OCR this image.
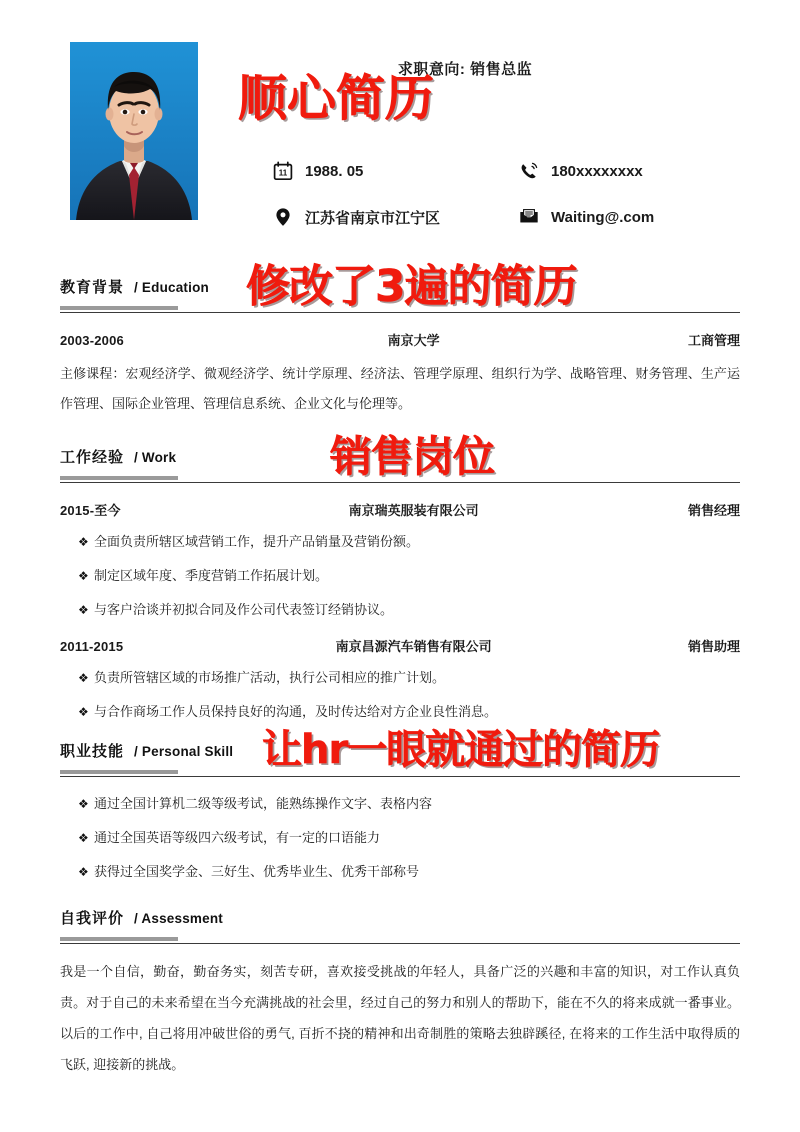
求职意向: 销售总监
11 1988. 05	180xxxxxxxx
江苏省南京市江宁区	Waiting@.com
教育背景 / Education
2003-2006	南京大学	工商管理
主修课程：宏观经济学、微观经济学、统计学原理、经济法、管理学原理、组织行为学、战略管理、财务管理、生产运作管理、国际企业管理、管理信息系统、企业文化与伦理等。
工作经验 / Work
2015-至今	南京瑞英服装有限公司	销售经理
❖ 全面负责所辖区域营销工作，提升产品销量及营销份额。
❖ 制定区域年度、季度营销工作拓展计划。
❖ 与客户洽谈并初拟合同及作公司代表签订经销协议。
2011-2015	南京昌源汽车销售有限公司	销售助理
❖ 负责所管辖区域的市场推广活动，执行公司相应的推广计划。
❖ 与合作商场工作人员保持良好的沟通，及时传达给对方企业良性消息。
职业技能 / Personal Skill
❖ 通过全国计算机二级等级考试，能熟练操作文字、表格内容
❖ 通过全国英语等级四六级考试，有一定的口语能力
❖ 获得过全国奖学金、三好生、优秀毕业生、优秀干部称号
自我评价 / Assessment
我是一个自信，勤奋，勤奋务实，刻苦专研，喜欢接受挑战的年轻人，具备广泛的兴趣和丰富的知识，对工作认真负责。对于自己的未来希望在当今充满挑战的社会里，经过自己的努力和别人的帮助下，能在不久的将来成就一番事业。以后的工作中, 自己将用冲破世俗的勇气, 百折不挠的精神和出奇制胜的策略去独辟蹊径, 在将来的工作生活中取得质的飞跃, 迎接新的挑战。
顺心简历
修改了3遍的简历
销售岗位
让hr一眼就通过的简历
